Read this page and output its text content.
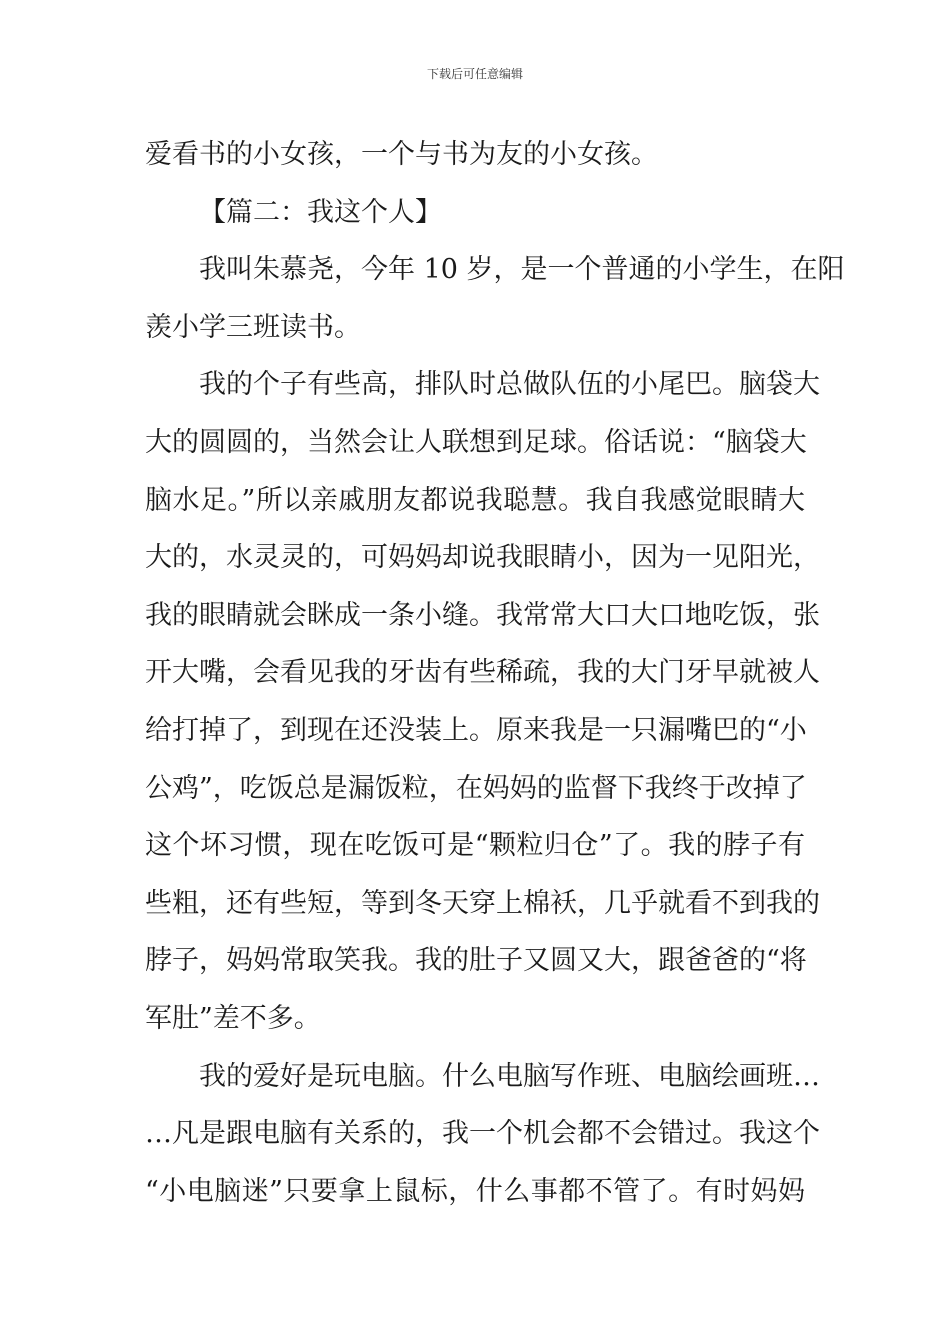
下载后可任意编辑
爱看书的小女孩，一个与书为友的小女孩。
【篇二：我这个人】
我叫朱慕尧，今年 10 岁，是一个普通的小学生，在阳
羡小学三班读书。
我的个子有些高，排队时总做队伍的小尾巴。脑袋大
大的圆圆的，当然会让人联想到足球。俗话说：“脑袋大
脑水足。”所以亲戚朋友都说我聪慧。我自我感觉眼睛大
大的，水灵灵的，可妈妈却说我眼睛小，因为一见阳光，
我的眼睛就会眯成一条小缝。我常常大口大口地吃饭，张
开大嘴，会看见我的牙齿有些稀疏，我的大门牙早就被人
给打掉了，到现在还没装上。原来我是一只漏嘴巴的“小
公鸡”，吃饭总是漏饭粒，在妈妈的监督下我终于改掉了
这个坏习惯，现在吃饭可是“颗粒归仓”了。我的脖子有
些粗，还有些短，等到冬天穿上棉袄，几乎就看不到我的
脖子，妈妈常取笑我。我的肚子又圆又大，跟爸爸的“将
军肚”差不多。
我的爱好是玩电脑。什么电脑写作班、电脑绘画班…
…凡是跟电脑有关系的，我一个机会都不会错过。我这个
“小电脑迷”只要拿上鼠标，什么事都不管了。有时妈妈
